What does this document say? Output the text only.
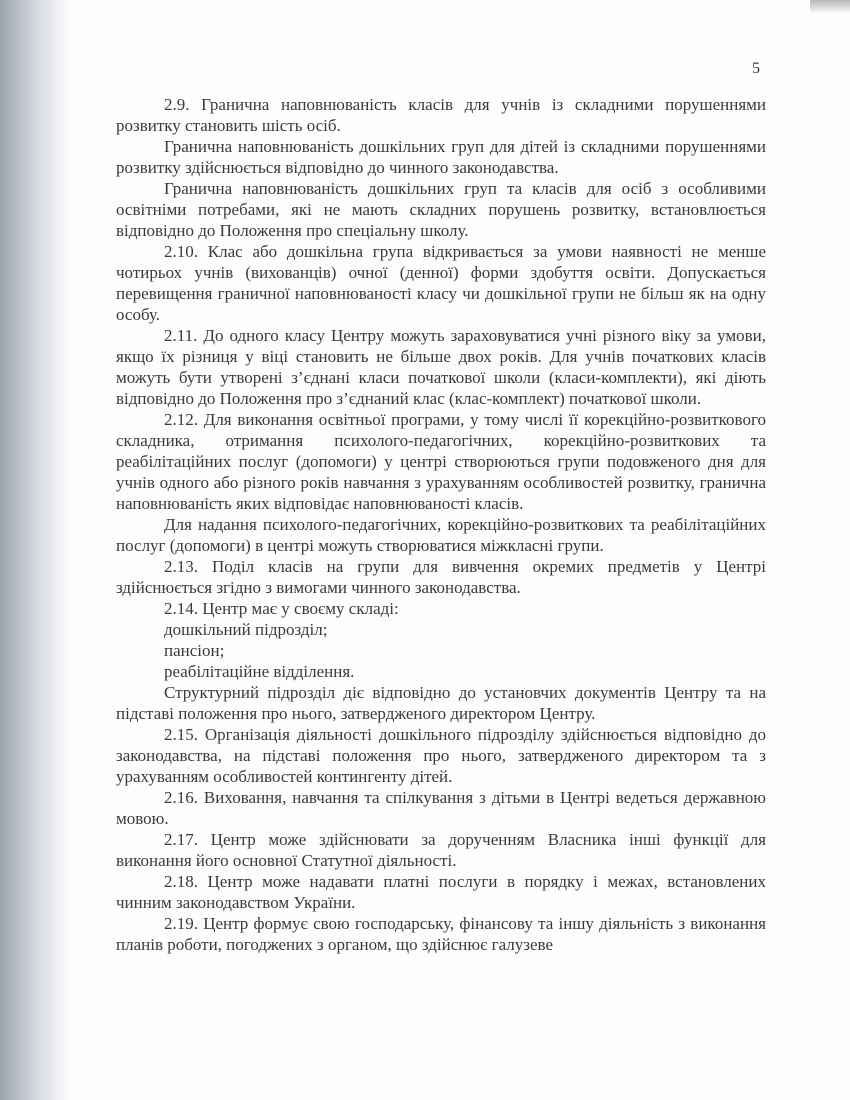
5

2.9. Гранична наповнюваність класів для учнів із складними порушеннями розвитку становить шість осіб.

Гранична наповнюваність дошкільних груп для дітей із складними порушеннями розвитку здійснюється відповідно до чинного законодавства.

Гранична наповнюваність дошкільних груп та класів для осіб з особливими освітніми потребами, які не мають складних порушень розвитку, встановлюється відповідно до Положення про спеціальну школу.

2.10. Клас або дошкільна група відкривається за умови наявності не менше чотирьох учнів (вихованців) очної (денної) форми здобуття освіти. Допускається перевищення граничної наповнюваності класу чи дошкільної групи не більш як на одну особу.

2.11. До одного класу Центру можуть зараховуватися учні різного віку за умови, якщо їх різниця у віці становить не більше двох років. Для учнів початкових класів можуть бути утворені з’єднані класи початкової школи (класи-комплекти), які діють відповідно до Положення про з’єднаний клас (клас-комплект) початкової школи.

2.12. Для виконання освітньої програми, у тому числі її корекційно-розвиткового складника, отримання психолого-педагогічних, корекційно-розвиткових та реабілітаційних послуг (допомоги) у центрі створюються групи подовженого дня для учнів одного або різного років навчання з урахуванням особливостей розвитку, гранична наповнюваність яких відповідає наповнюваності класів.

Для надання психолого-педагогічних, корекційно-розвиткових та реабілітаційних послуг (допомоги) в центрі можуть створюватися міжкласні групи.

2.13. Поділ класів на групи для вивчення окремих предметів у Центрі здійснюється згідно з вимогами чинного законодавства.

2.14. Центр має у своєму складі:

дошкільний підрозділ;

пансіон;

реабілітаційне відділення.

Структурний підрозділ діє відповідно до установчих документів Центру та на підставі положення про нього, затвердженого директором Центру.

2.15. Організація діяльності дошкільного підрозділу здійснюється відповідно до законодавства, на підставі положення про нього, затвердженого директором та з урахуванням особливостей контингенту дітей.

2.16. Виховання, навчання та спілкування з дітьми в Центрі ведеться державною мовою.

2.17. Центр може здійснювати за дорученням Власника інші функції для виконання його основної Статутної діяльності.

2.18. Центр може надавати платні послуги в порядку і межах, встановлених чинним законодавством України.

2.19. Центр формує свою господарську, фінансову та іншу діяльність з виконання планів роботи, погоджених з органом, що здійснює галузеве
